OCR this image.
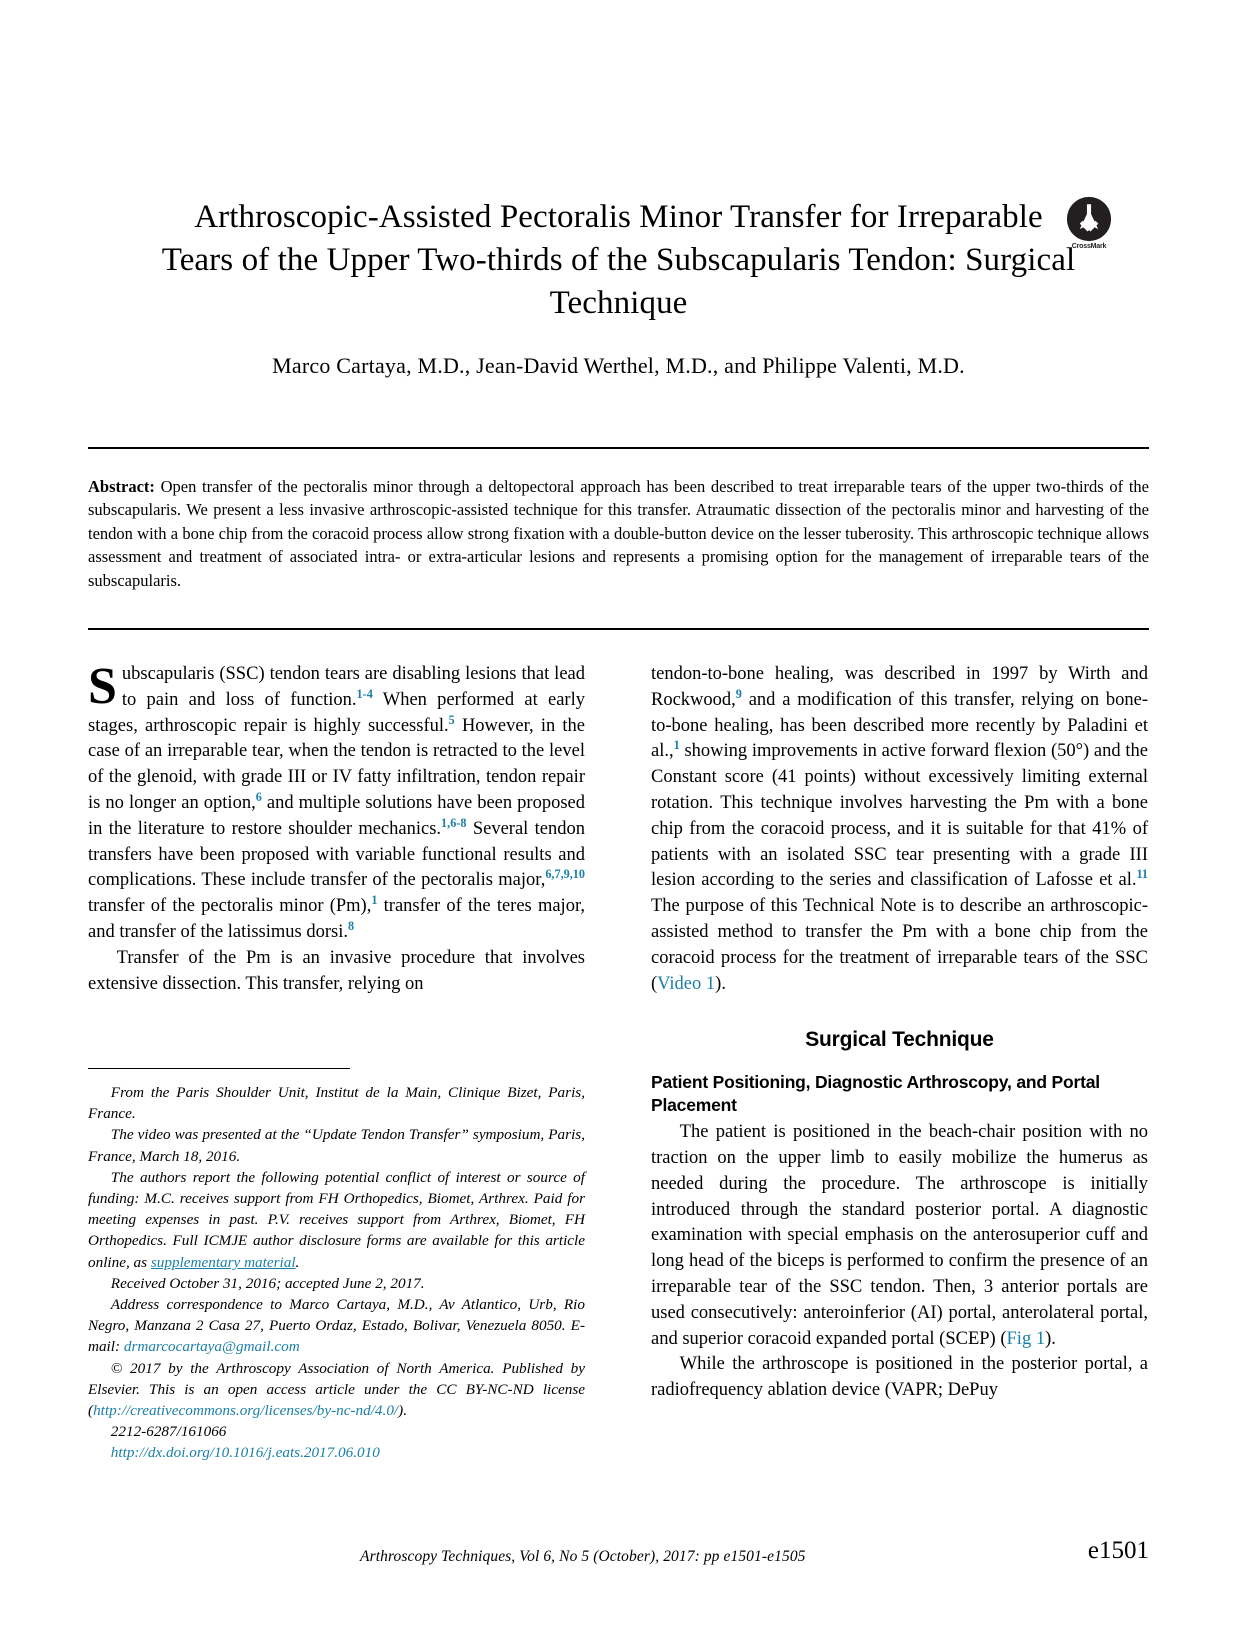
CrossMark
Arthroscopic-Assisted Pectoralis Minor Transfer for Irreparable Tears of the Upper Two-thirds of the Subscapularis Tendon: Surgical Technique
Marco Cartaya, M.D., Jean-David Werthel, M.D., and Philippe Valenti, M.D.
Abstract: Open transfer of the pectoralis minor through a deltopectoral approach has been described to treat irreparable tears of the upper two-thirds of the subscapularis. We present a less invasive arthroscopic-assisted technique for this transfer. Atraumatic dissection of the pectoralis minor and harvesting of the tendon with a bone chip from the coracoid process allow strong fixation with a double-button device on the lesser tuberosity. This arthroscopic technique allows assessment and treatment of associated intra- or extra-articular lesions and represents a promising option for the management of irreparable tears of the subscapularis.

Subscapularis (SSC) tendon tears are disabling lesions that lead to pain and loss of function.$^{1-4}$ When performed at early stages, arthroscopic repair is highly successful.$^5$ However, in the case of an irreparable tear, when the tendon is retracted to the level of the glenoid, with grade III or IV fatty infiltration, tendon repair is no longer an option,$^6$ and multiple solutions have been proposed in the literature to restore shoulder mechanics.$^{1,6-8}$ Several tendon transfers have been proposed with variable functional results and complications. These include transfer of the pectoralis major,$^{6,7,9,10}$ transfer of the pectoralis minor (Pm),$^1$ transfer of the teres major, and transfer of the latissimus dorsi.$^8$

Transfer of the Pm is an invasive procedure that involves extensive dissection. This transfer, relying on

tendon-to-bone healing, was described in 1997 by Wirth and Rockwood,$^9$ and a modification of this transfer, relying on bone-to-bone healing, has been described more recently by Paladini et al.,$^1$ showing improvements in active forward flexion (50°) and the Constant score (41 points) without excessively limiting external rotation. This technique involves harvesting the Pm with a bone chip from the coracoid process, and it is suitable for that 41% of patients with an isolated SSC tear presenting with a grade III lesion according to the series and classification of Lafosse et al.$^{11}$ The purpose of this Technical Note is to describe an arthroscopic-assisted method to transfer the Pm with a bone chip from the coracoid process for the treatment of irreparable tears of the SSC (Video 1).

Surgical Technique
Patient Positioning, Diagnostic Arthroscopy, and Portal Placement

The patient is positioned in the beach-chair position with no traction on the upper limb to easily mobilize the humerus as needed during the procedure. The arthroscope is initially introduced through the standard posterior portal. A diagnostic examination with special emphasis on the anterosuperior cuff and long head of the biceps is performed to confirm the presence of an irreparable tear of the SSC tendon. Then, 3 anterior portals are used consecutively: anteroinferior (AI) portal, anterolateral portal, and superior coracoid expanded portal (SCEP) (Fig 1).

While the arthroscope is positioned in the posterior portal, a radiofrequency ablation device (VAPR; DePuy

From the Paris Shoulder Unit, Institut de la Main, Clinique Bizet, Paris, France.

The video was presented at the “Update Tendon Transfer” symposium, Paris, France, March 18, 2016.

The authors report the following potential conflict of interest or source of funding: M.C. receives support from FH Orthopedics, Biomet, Arthrex. Paid for meeting expenses in past. P.V. receives support from Arthrex, Biomet, FH Orthopedics. Full ICMJE author disclosure forms are available for this article online, as supplementary material.

Received October 31, 2016; accepted June 2, 2017.

Address correspondence to Marco Cartaya, M.D., Av Atlantico, Urb, Rio Negro, Manzana 2 Casa 27, Puerto Ordaz, Estado, Bolivar, Venezuela 8050. E-mail: drmarcocartaya@gmail.com

© 2017 by the Arthroscopy Association of North America. Published by Elsevier. This is an open access article under the CC BY-NC-ND license (http://creativecommons.org/licenses/by-nc-nd/4.0/).

2212-6287/161066

http://dx.doi.org/10.1016/j.eats.2017.06.010

Arthroscopy Techniques, Vol 6, No 5 (October), 2017: pp e1501-e1505	e1501
